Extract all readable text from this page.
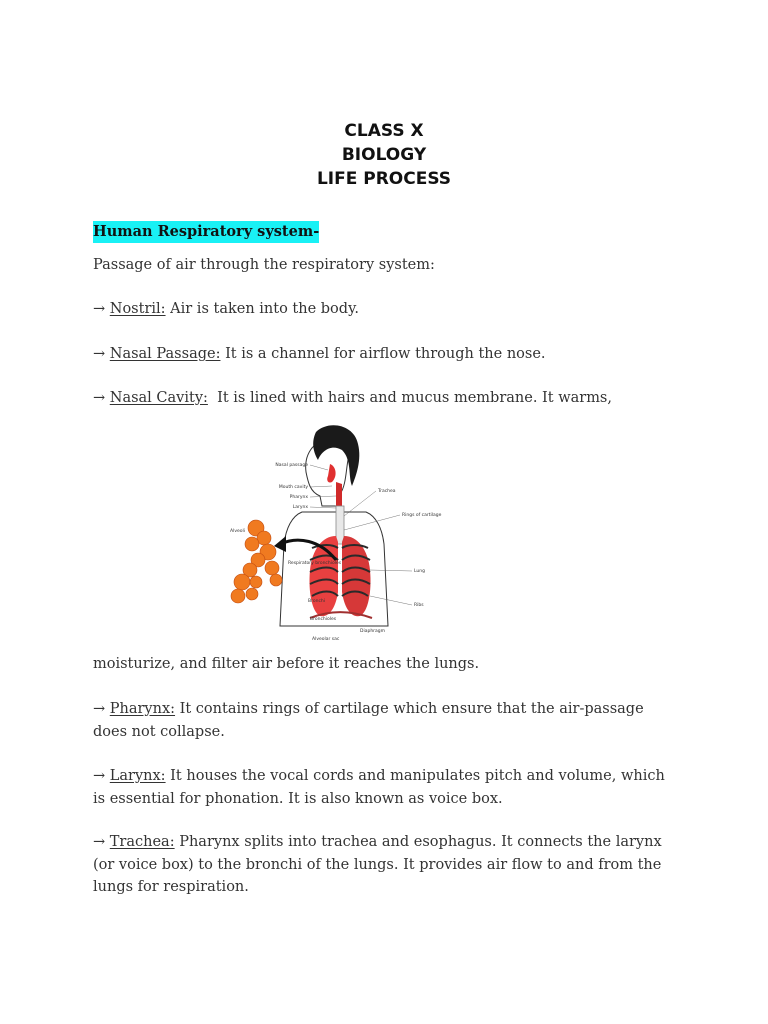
CLASS X
BIOLOGY
LIFE PROCESS
Human Respiratory system-
Passage of air through the respiratory system:
→ Nostril: Air is taken into the body.
→ Nasal Passage: It is a channel for airflow through the nose.
→ Nasal Cavity:  It is lined with hairs and mucus membrane. It warms,
Nasal passage
Mouth cavity
Pharynx
Larynx
Trachea
Rings of cartilage
Alveoli
Respiratory bronchioles
Lung
Bronchi
Ribs
Bronchioles
Diaphragm
Alveolar sac
moisturize, and filter air before it reaches the lungs.
→ Pharynx: It contains rings of cartilage which ensure that the air-passage does not collapse.
→ Larynx: It houses the vocal cords and manipulates pitch and volume, which is essential for phonation. It is also known as voice box.
→ Trachea: Pharynx splits into trachea and esophagus. It connects the larynx (or voice box) to the bronchi of the lungs. It provides air flow to and from the lungs for respiration.
